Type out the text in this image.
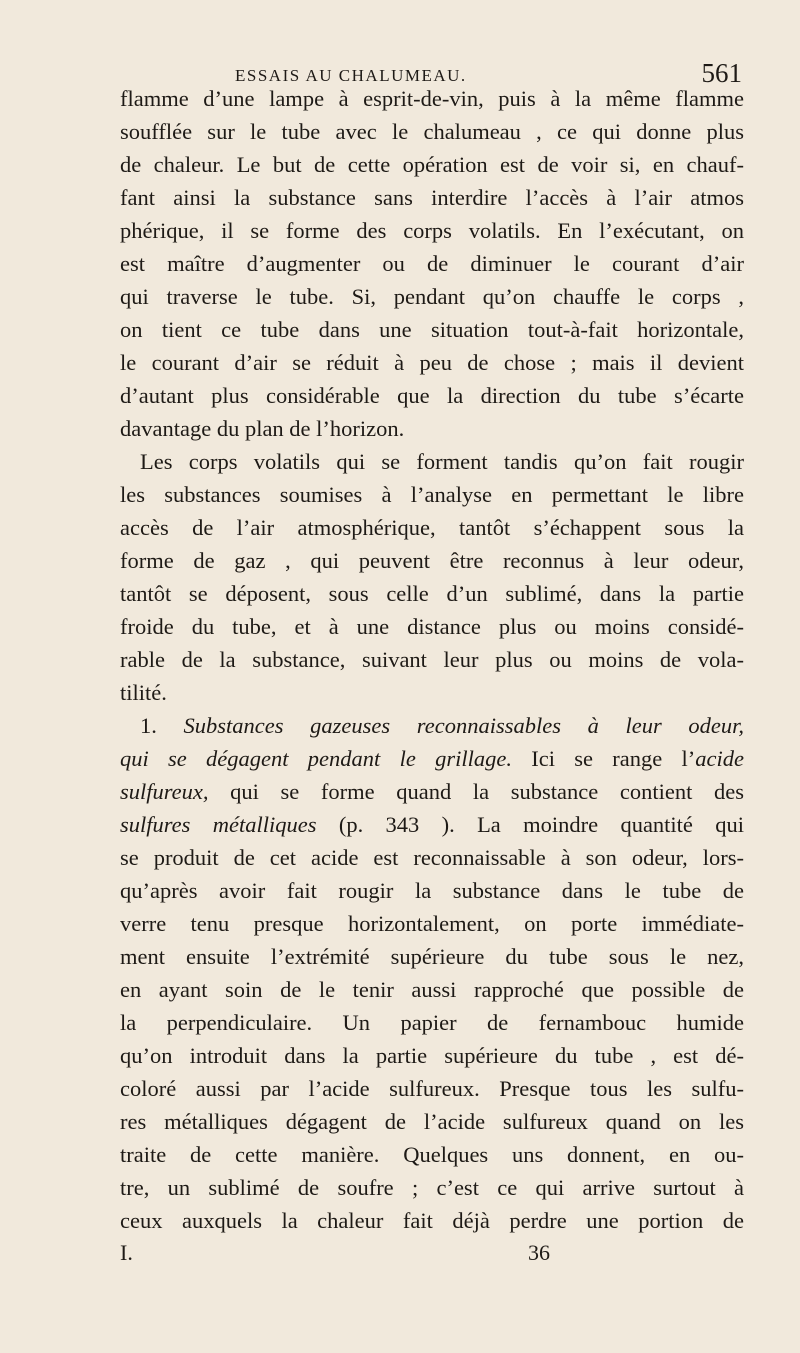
ESSAIS AU CHALUMEAU.	561
flamme d’une lampe à esprit-de-vin, puis à la même flamme
soufflée sur le tube avec le chalumeau , ce qui donne plus
de chaleur. Le but de cette opération est de voir si, en chauf-
fant ainsi la substance sans interdire l’accès à l’air atmos
phérique, il se forme des corps volatils. En l’exécutant, on
est maître d’augmenter ou de diminuer le courant d’air
qui traverse le tube. Si, pendant qu’on chauffe le corps ,
on tient ce tube dans une situation tout-à-fait horizontale,
le courant d’air se réduit à peu de chose ; mais il devient
d’autant plus considérable que la direction du tube s’écarte
davantage du plan de l’horizon.
Les corps volatils qui se forment tandis qu’on fait rougir
les substances soumises à l’analyse en permettant le libre
accès de l’air atmosphérique, tantôt s’échappent sous la
forme de gaz , qui peuvent être reconnus à leur odeur,
tantôt se déposent, sous celle d’un sublimé, dans la partie
froide du tube, et à une distance plus ou moins considé-
rable de la substance, suivant leur plus ou moins de vola-
tilité.
1. Substances gazeuses reconnaissables à leur odeur,
qui se dégagent pendant le grillage. Ici se range l’acide
sulfureux, qui se forme quand la substance contient des
sulfures métalliques (p. 343 ). La moindre quantité qui
se produit de cet acide est reconnaissable à son odeur, lors-
qu’après avoir fait rougir la substance dans le tube de
verre tenu presque horizontalement, on porte immédiate-
ment ensuite l’extrémité supérieure du tube sous le nez,
en ayant soin de le tenir aussi rapproché que possible de
la perpendiculaire. Un papier de fernambouc humide
qu’on introduit dans la partie supérieure du tube , est dé-
coloré aussi par l’acide sulfureux. Presque tous les sulfu-
res métalliques dégagent de l’acide sulfureux quand on les
traite de cette manière. Quelques uns donnent, en ou-
tre, un sublimé de soufre ; c’est ce qui arrive surtout à
ceux auxquels la chaleur fait déjà perdre une portion de
I.	36
